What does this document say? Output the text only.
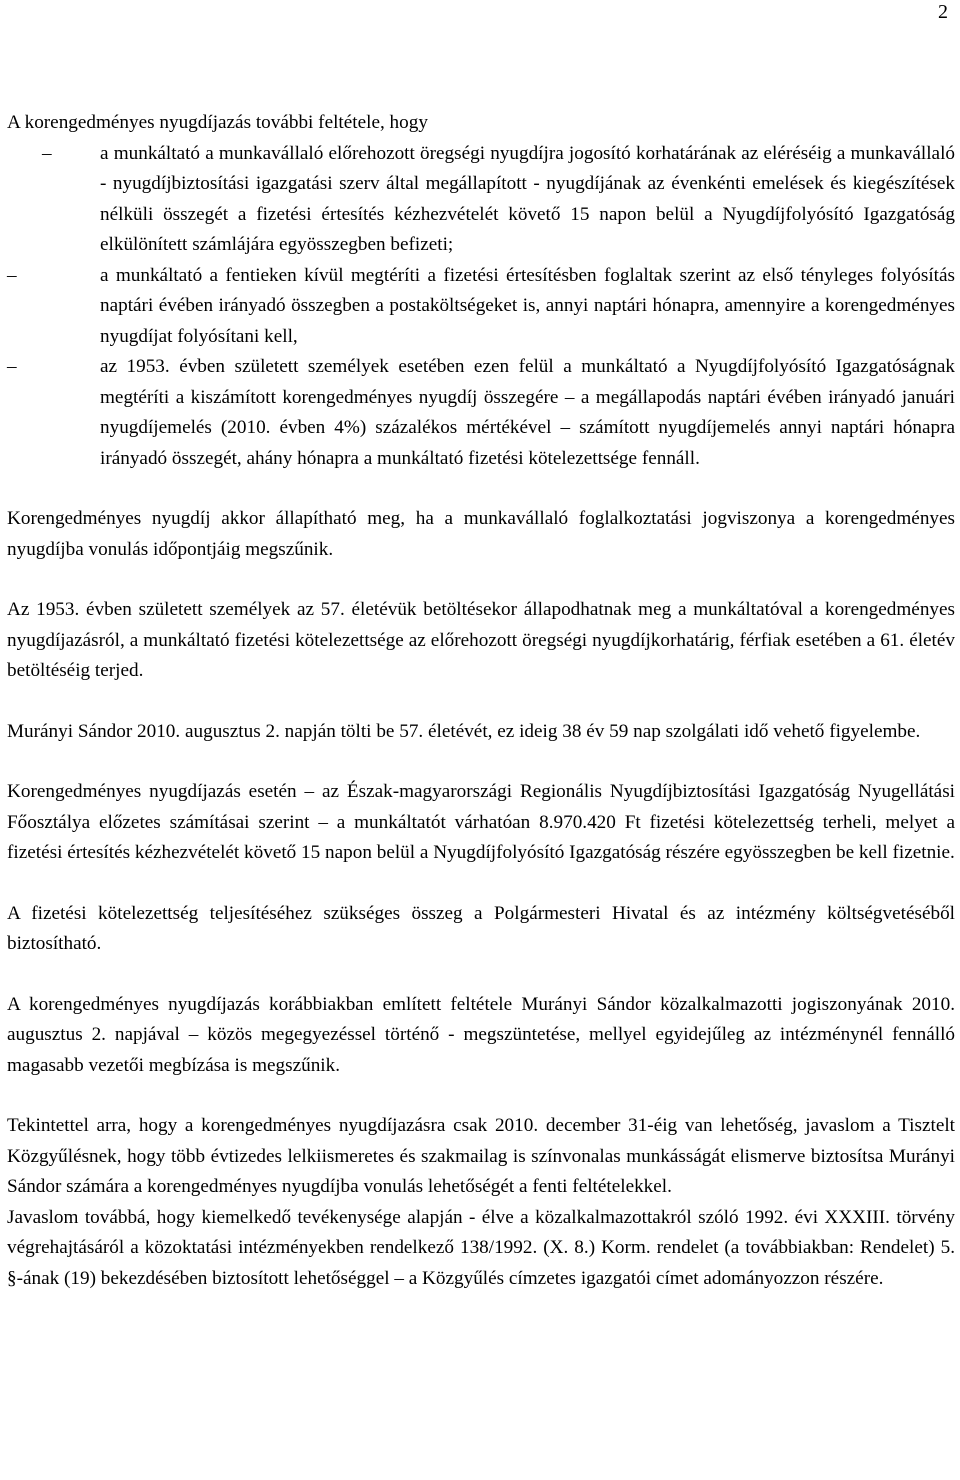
2

A korengedményes nyugdíjazás további feltétele, hogy

–	a munkáltató a munkavállaló előrehozott öregségi nyugdíjra jogosító korhatárának az eléréséig a munkavállaló - nyugdíjbiztosítási igazgatási szerv által megállapított - nyugdíjának az évenkénti emelések és kiegészítések nélküli összegét a fizetési értesítés kézhezvételét követő 15 napon belül a Nyugdíjfolyósító Igazgatóság elkülönített számlájára egyösszegben befizeti;
–	a munkáltató a fentieken kívül megtéríti a fizetési értesítésben foglaltak szerint az első tényleges folyósítás naptári évében irányadó összegben a postaköltségeket is, annyi naptári hónapra, amennyire a korengedményes nyugdíjat folyósítani kell,
–	az 1953. évben született személyek esetében ezen felül a munkáltató a Nyugdíjfolyósító Igazgatóságnak megtéríti a kiszámított korengedményes nyugdíj összegére – a megállapodás naptári évében irányadó januári nyugdíjemelés (2010. évben 4%) százalékos mértékével – számított nyugdíjemelés annyi naptári hónapra irányadó összegét, ahány hónapra a munkáltató fizetési kötelezettsége fennáll.

Korengedményes nyugdíj akkor állapítható meg, ha a munkavállaló foglalkoztatási jogviszonya a korengedményes nyugdíjba vonulás időpontjáig megszűnik.

Az 1953. évben született személyek az 57. életévük betöltésekor állapodhatnak meg a munkáltatóval a korengedményes nyugdíjazásról, a munkáltató fizetési kötelezettsége az előrehozott öregségi nyugdíjkorhatárig, férfiak esetében a 61. életév betöltéséig terjed.

Murányi Sándor 2010. augusztus 2. napján tölti be 57. életévét, ez ideig 38 év 59 nap szolgálati idő vehető figyelembe.

Korengedményes nyugdíjazás esetén – az Észak-magyarországi Regionális Nyugdíjbiztosítási Igazgatóság Nyugellátási Főosztálya előzetes számításai szerint – a munkáltatót várhatóan 8.970.420 Ft fizetési kötelezettség terheli, melyet a fizetési értesítés kézhezvételét követő 15 napon belül a Nyugdíjfolyósító Igazgatóság részére egyösszegben be kell fizetnie.

A fizetési kötelezettség teljesítéséhez szükséges összeg a Polgármesteri Hivatal és az intézmény költségvetéséből biztosítható.

A korengedményes nyugdíjazás korábbiakban említett feltétele Murányi Sándor közalkalmazotti jogiszonyának 2010. augusztus 2. napjával – közös megegyezéssel történő - megszüntetése, mellyel egyidejűleg az intézménynél fennálló magasabb vezetői megbízása is megszűnik.

Tekintettel arra, hogy a korengedményes nyugdíjazásra csak 2010. december 31-éig van lehetőség, javaslom a Tisztelt Közgyűlésnek, hogy több évtizedes lelkiismeretes és szakmailag is színvonalas munkásságát elismerve biztosítsa Murányi Sándor számára a korengedményes nyugdíjba vonulás lehetőségét a fenti feltételekkel.

Javaslom továbbá, hogy kiemelkedő tevékenysége alapján - élve a közalkalmazottakról szóló 1992. évi XXXIII. törvény végrehajtásáról a közoktatási intézményekben rendelkező 138/1992. (X. 8.) Korm. rendelet (a továbbiakban: Rendelet) 5. §-ának (19) bekezdésében biztosított lehetőséggel – a Közgyűlés címzetes igazgatói címet adományozzon részére.
